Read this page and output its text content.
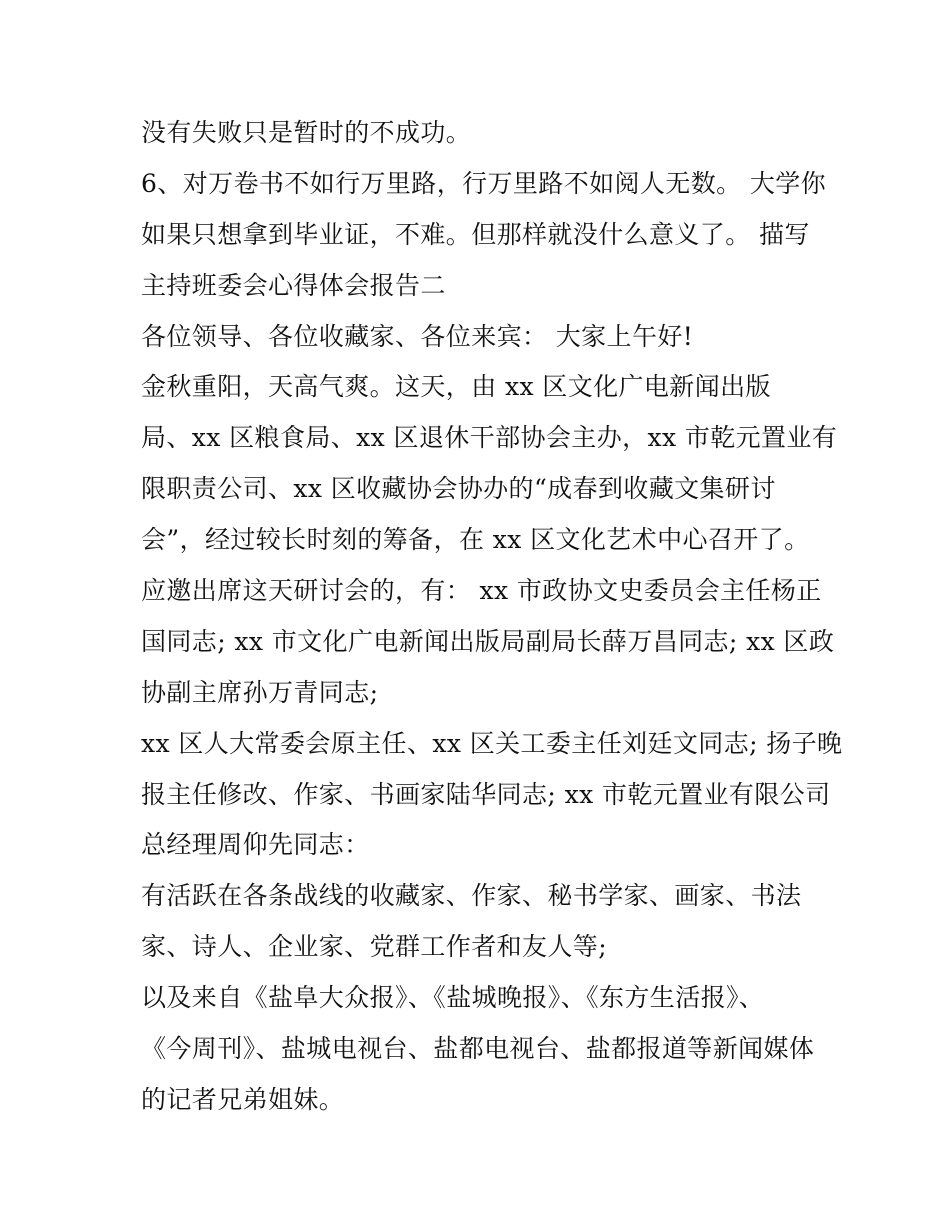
没有失败只是暂时的不成功。
6、对万卷书不如行万里路，行万里路不如阅人无数。 大学你
如果只想拿到毕业证，不难。但那样就没什么意义了。 描写
主持班委会心得体会报告二
各位领导、各位收藏家、各位来宾： 大家上午好!
金秋重阳，天高气爽。这天，由 xx 区文化广电新闻出版
局、xx 区粮食局、xx 区退休干部协会主办，xx 市乾元置业有
限职责公司、xx 区收藏协会协办的“成春到收藏文集研讨
会”，经过较长时刻的筹备，在 xx 区文化艺术中心召开了。
应邀出席这天研讨会的，有： xx 市政协文史委员会主任杨正
国同志; xx 市文化广电新闻出版局副局长薛万昌同志; xx 区政
协副主席孙万青同志;
xx 区人大常委会原主任、xx 区关工委主任刘廷文同志; 扬子晚
报主任修改、作家、书画家陆华同志; xx 市乾元置业有限公司
总经理周仰先同志：
有活跃在各条战线的收藏家、作家、秘书学家、画家、书法
家、诗人、企业家、党群工作者和友人等;
以及来自《盐阜大众报》、《盐城晚报》、《东方生活报》、
《今周刊》、盐城电视台、盐都电视台、盐都报道等新闻媒体
的记者兄弟姐妹。
